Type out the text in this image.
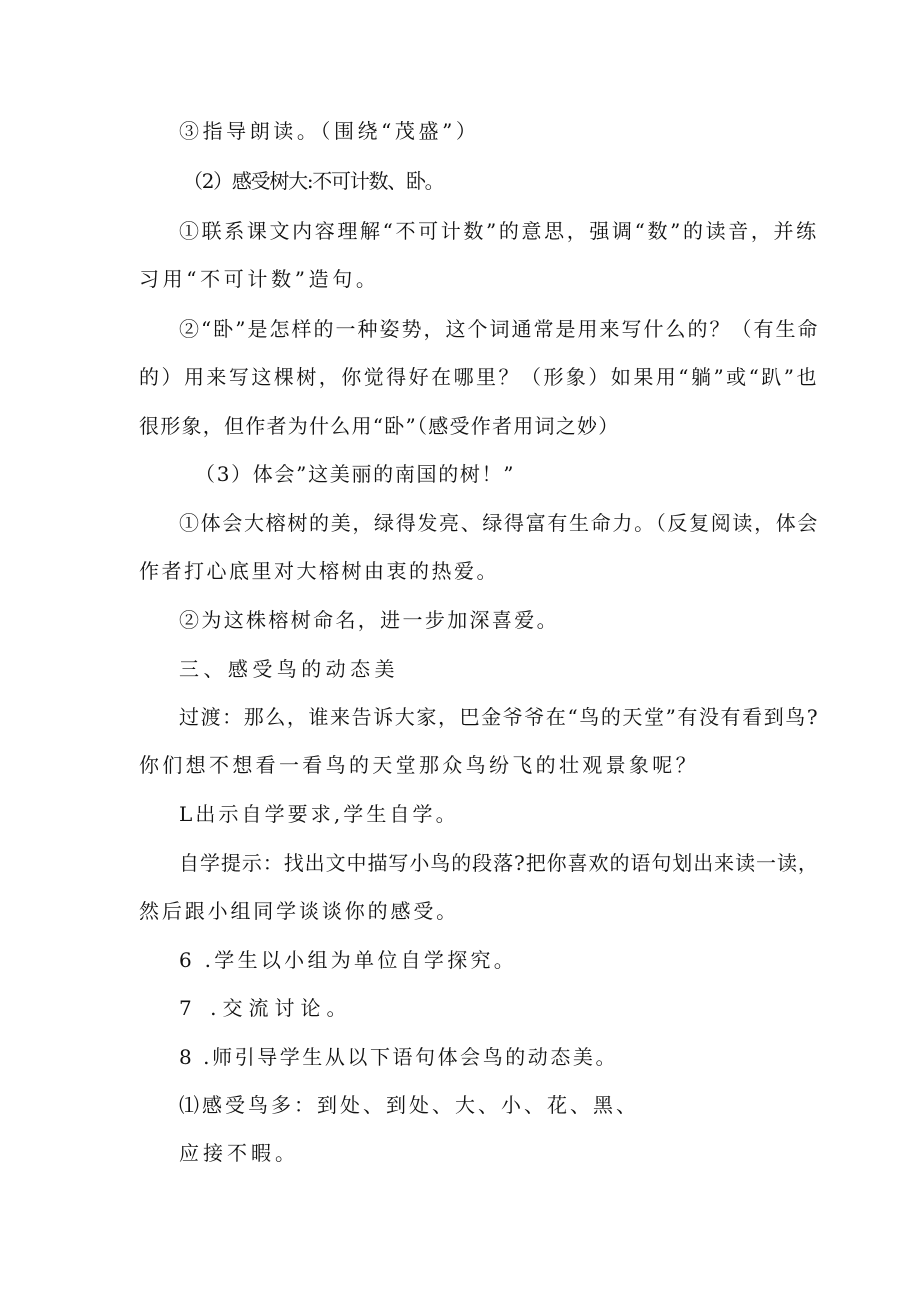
③指导朗读。（围绕“茂盛”）
（2）感受树大:不可计数、卧。
①联系课文内容理解“不可计数”的意思，强调“数”的读音，并练
习用“不可计数”造句。
②“卧”是怎样的一种姿势，这个词通常是用来写什么的？（有生命
的）用来写这棵树，你觉得好在哪里？（形象）如果用“躺”或“趴”也
很形象，但作者为什么用“卧”（感受作者用词之妙）
（3）体会”这美丽的南国的树！”
①体会大榕树的美，绿得发亮、绿得富有生命力。（反复阅读，体会
作者打心底里对大榕树由衷的热爱。
②为这株榕树命名，进一步加深喜爱。
三、感受鸟的动态美
过渡：那么，谁来告诉大家，巴金爷爷在“鸟的天堂”有没有看到鸟?
你们想不想看一看鸟的天堂那众鸟纷飞的壮观景象呢？
L出示自学要求,学生自学。
自学提示：找出文中描写小鸟的段落?把你喜欢的语句划出来读一读，
然后跟小组同学谈谈你的感受。
6 .学生以小组为单位自学探究。
7 .交流讨论。
8 .师引导学生从以下语句体会鸟的动态美。
⑴感受鸟多：到处、到处、大、小、花、黑、
应接不暇。
